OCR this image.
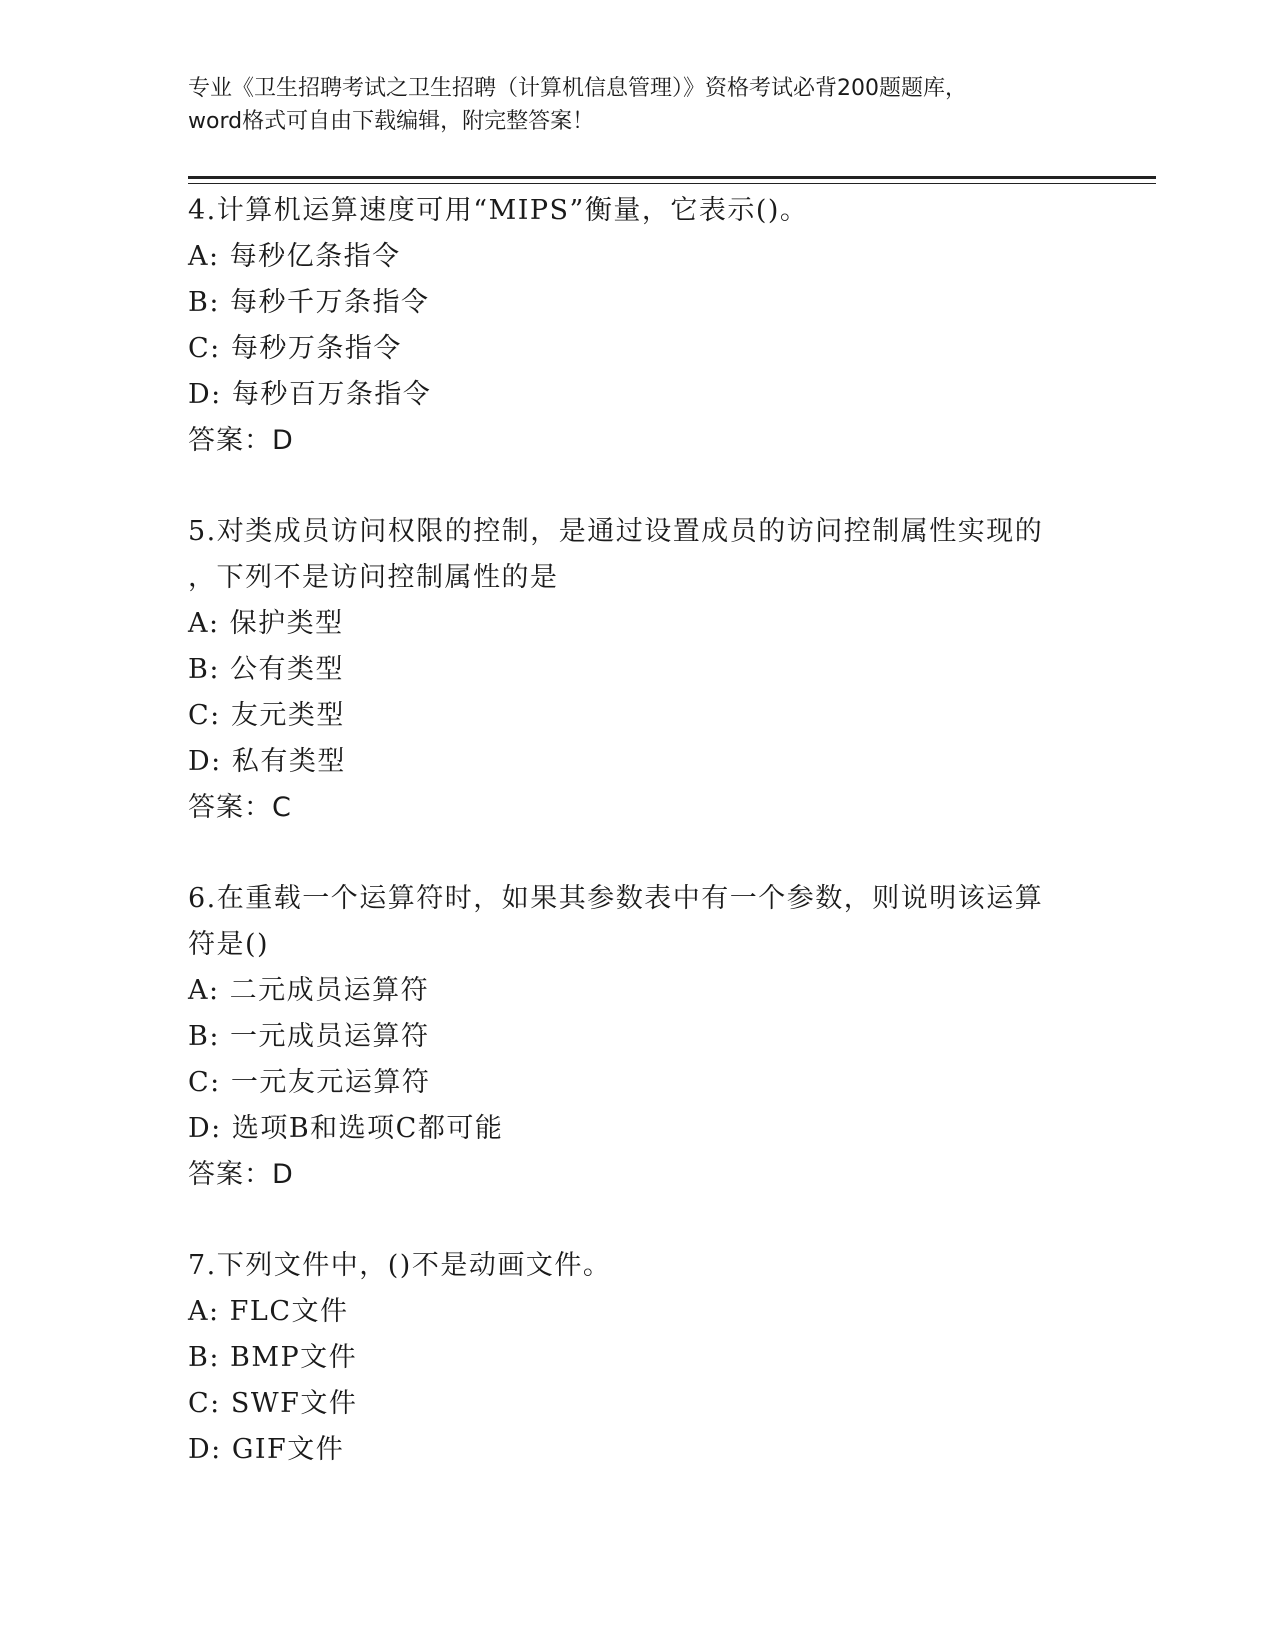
专业《卫生招聘考试之卫生招聘（计算机信息管理）》资格考试必背200题题库，
word格式可自由下载编辑，附完整答案！
4.计算机运算速度可用“MIPS”衡量，它表示()。
A: 每秒亿条指令
B: 每秒千万条指令
C: 每秒万条指令
D: 每秒百万条指令
答案：D
5.对类成员访问权限的控制，是通过设置成员的访问控制属性实现的
，下列不是访问控制属性的是
A: 保护类型
B: 公有类型
C: 友元类型
D: 私有类型
答案：C
6.在重载一个运算符时，如果其参数表中有一个参数，则说明该运算
符是()
A: 二元成员运算符
B: 一元成员运算符
C: 一元友元运算符
D: 选项B和选项C都可能
答案：D
7.下列文件中，()不是动画文件。
A: FLC文件
B: BMP文件
C: SWF文件
D: GIF文件
